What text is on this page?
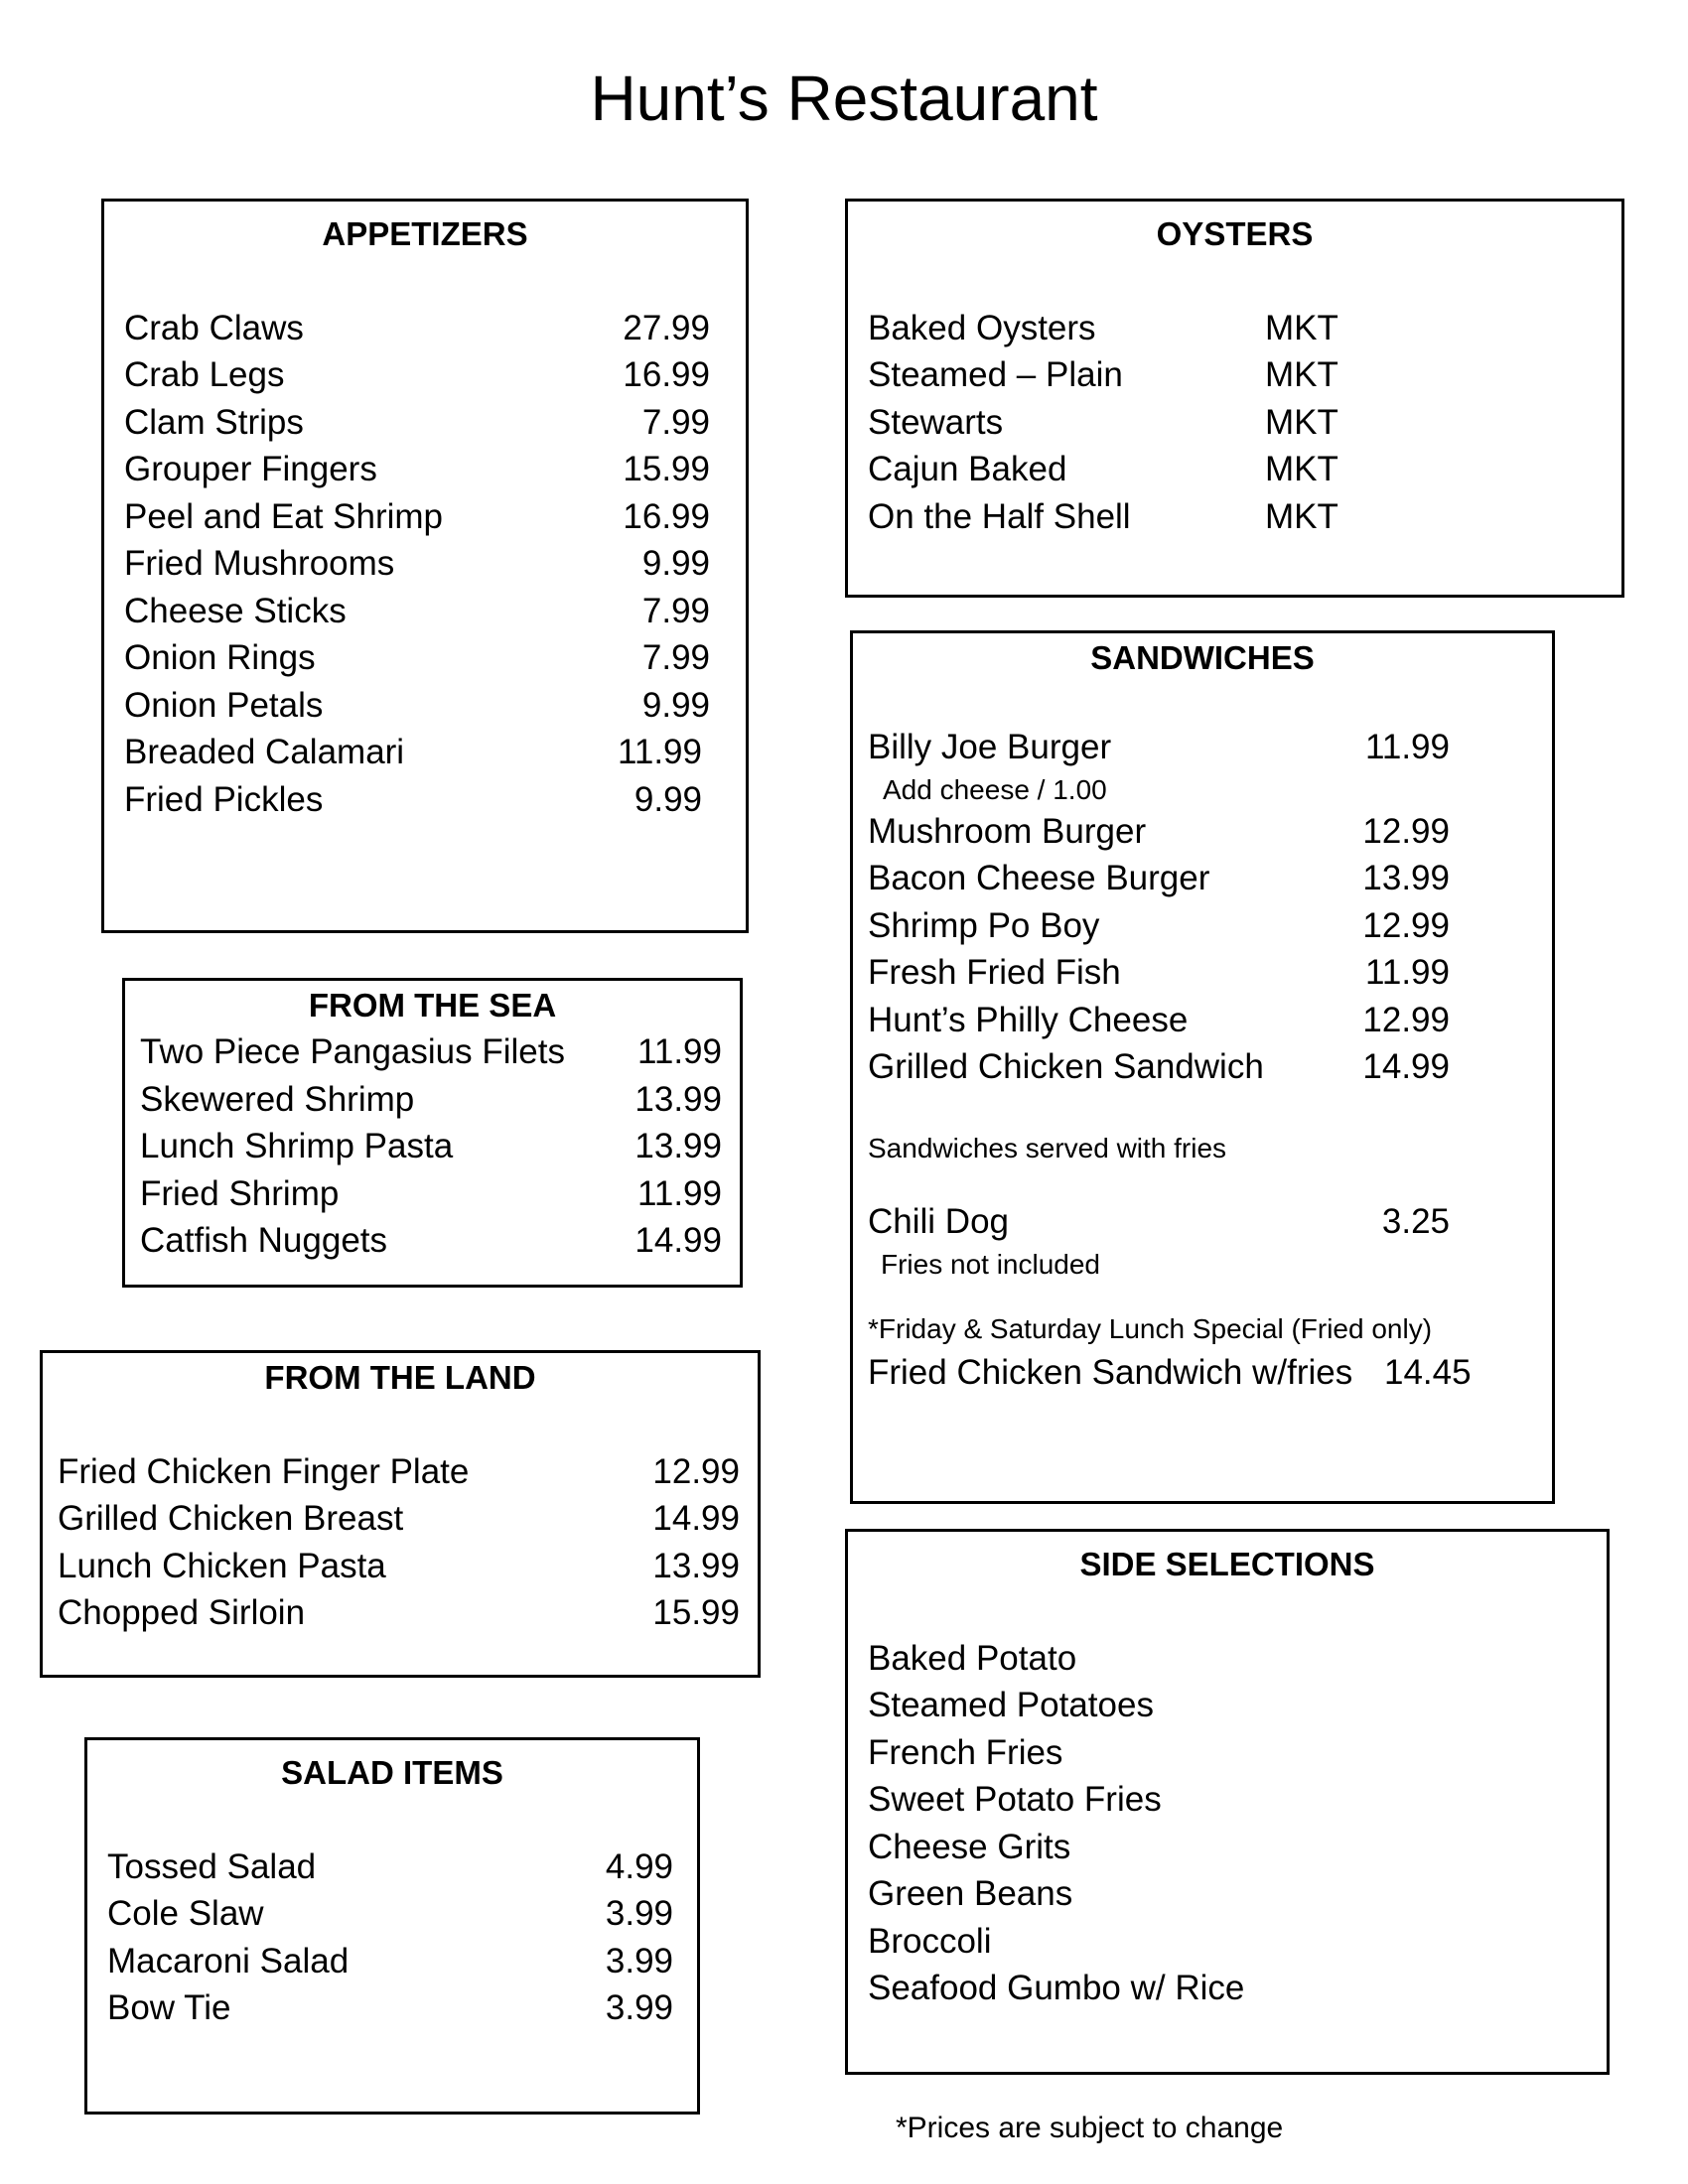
Hunt’s Restaurant
APPETIZERS
Crab Claws	27.99
Crab Legs	16.99
Clam Strips	7.99
Grouper Fingers	15.99
Peel and Eat Shrimp	16.99
Fried Mushrooms	9.99
Cheese Sticks	7.99
Onion Rings	7.99
Onion Petals	9.99
Breaded Calamari	11.99
Fried Pickles	9.99
OYSTERS
Baked Oysters	MKT
Steamed – Plain	MKT
Stewarts	MKT
Cajun Baked	MKT
On the Half Shell	MKT
SANDWICHES
Billy Joe Burger	11.99
Add cheese / 1.00
Mushroom Burger	12.99
Bacon Cheese Burger	13.99
Shrimp Po Boy	12.99
Fresh Fried Fish	11.99
Hunt’s Philly Cheese	12.99
Grilled Chicken Sandwich	14.99
Sandwiches served with fries
Chili Dog	3.25
Fries not included
*Friday & Saturday Lunch Special (Fried only)
Fried Chicken Sandwich w/fries 14.45
FROM THE SEA
Two Piece Pangasius Filets 11.99
Skewered Shrimp	13.99
Lunch Shrimp Pasta	13.99
Fried Shrimp	11.99
Catfish Nuggets	14.99
FROM THE LAND
Fried Chicken Finger Plate	12.99
Grilled Chicken Breast	14.99
Lunch Chicken Pasta	13.99
Chopped Sirloin	15.99
SIDE SELECTIONS
Baked Potato
Steamed Potatoes
French Fries
Sweet Potato Fries
Cheese Grits
Green Beans
Broccoli
Seafood Gumbo w/ Rice
SALAD ITEMS
Tossed Salad	4.99
Cole Slaw	3.99
Macaroni Salad	3.99
Bow Tie	3.99
*Prices are subject to change
